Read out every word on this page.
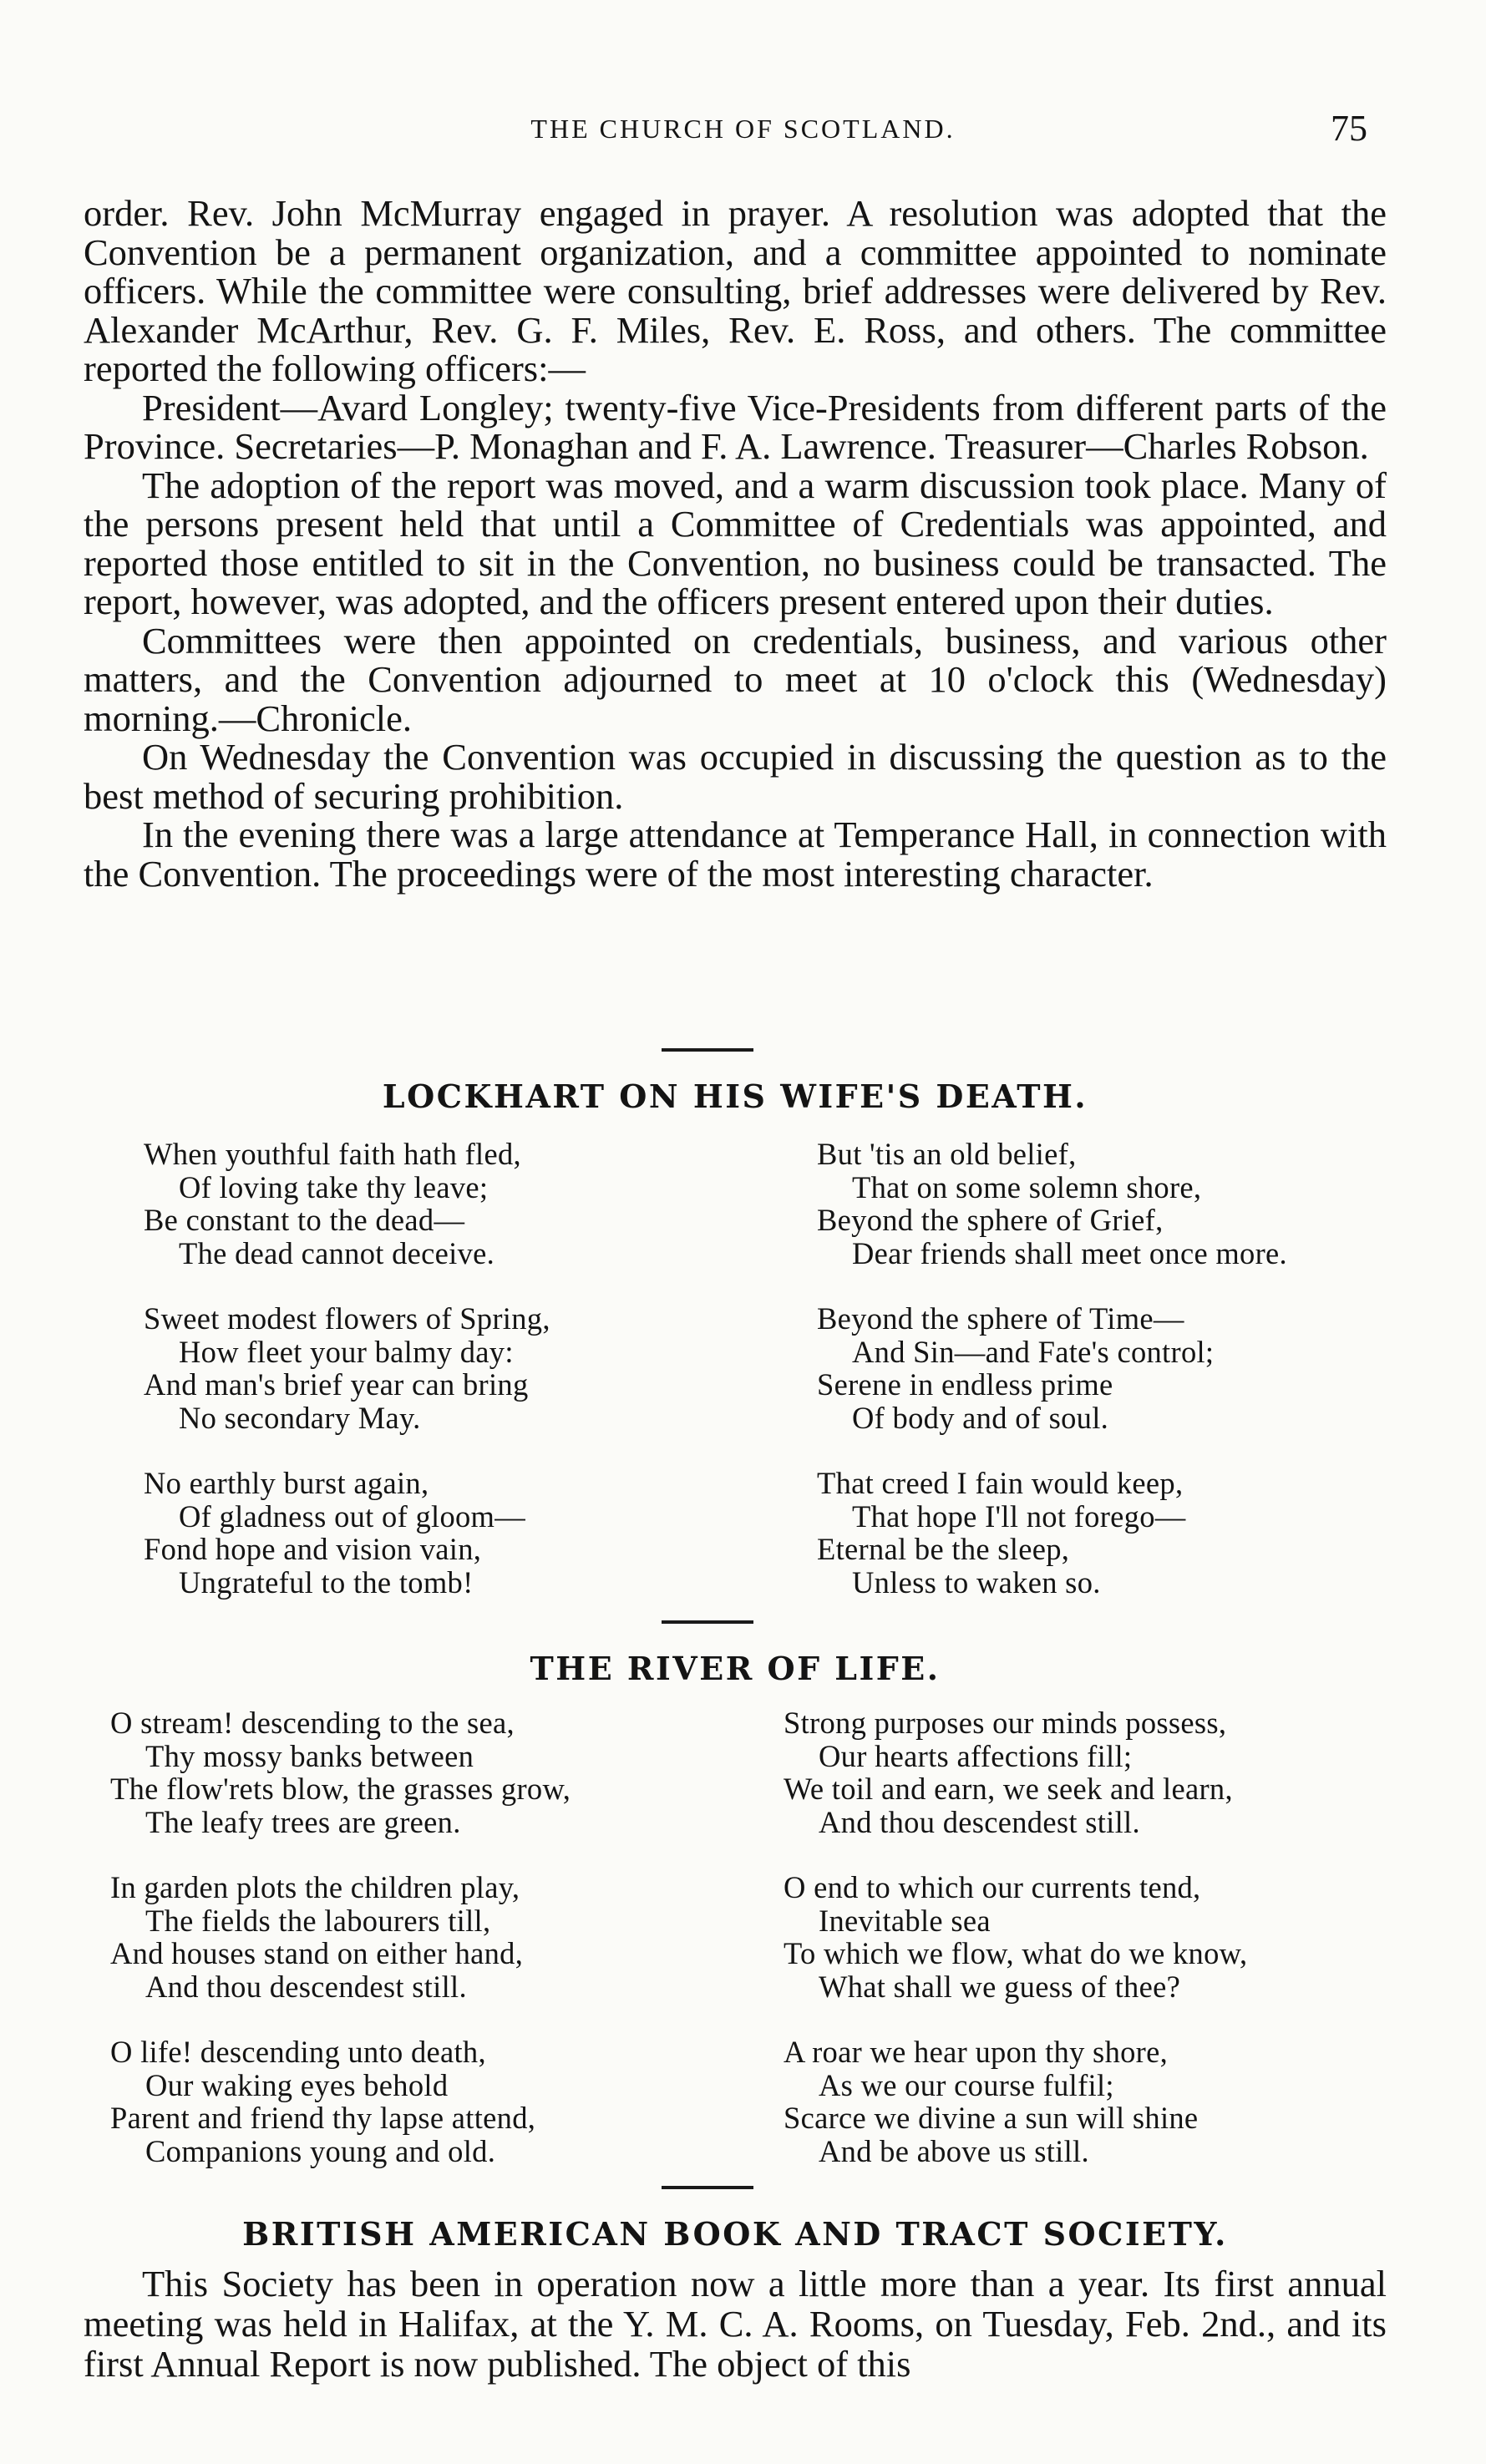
THE CHURCH OF SCOTLAND.	75

order. Rev. John McMurray engaged in prayer. A resolution was adopted that the Convention be a permanent organization, and a committee appointed to nominate officers. While the committee were consulting, brief addresses were delivered by Rev. Alexander McArthur, Rev. G. F. Miles, Rev. E. Ross, and others. The committee reported the following officers:—

President—Avard Longley; twenty-five Vice-Presidents from different parts of the Province. Secretaries—P. Monaghan and F. A. Lawrence. Treasurer—Charles Robson.

The adoption of the report was moved, and a warm discussion took place. Many of the persons present held that until a Committee of Credentials was appointed, and reported those entitled to sit in the Convention, no business could be transacted. The report, however, was adopted, and the officers present entered upon their duties.

Committees were then appointed on credentials, business, and various other matters, and the Convention adjourned to meet at 10 o'clock this (Wednesday) morning.—Chronicle.

On Wednesday the Convention was occupied in discussing the question as to the best method of securing prohibition.

In the evening there was a large attendance at Temperance Hall, in connection with the Convention. The proceedings were of the most interesting character.

LOCKHART ON HIS WIFE'S DEATH.
When youthful faith hath fled,
Of loving take thy leave;
Be constant to the dead—
The dead cannot deceive.
Sweet modest flowers of Spring,
How fleet your balmy day:
And man's brief year can bring
No secondary May.
No earthly burst again,
Of gladness out of gloom—
Fond hope and vision vain,
Ungrateful to the tomb!
But 'tis an old belief,
That on some solemn shore,
Beyond the sphere of Grief,
Dear friends shall meet once more.
Beyond the sphere of Time—
And Sin—and Fate's control;
Serene in endless prime
Of body and of soul.
That creed I fain would keep,
That hope I'll not forego—
Eternal be the sleep,
Unless to waken so.
THE RIVER OF LIFE.
O stream! descending to the sea,
Thy mossy banks between
The flow'rets blow, the grasses grow,
The leafy trees are green.
In garden plots the children play,
The fields the labourers till,
And houses stand on either hand,
And thou descendest still.
O life! descending unto death,
Our waking eyes behold
Parent and friend thy lapse attend,
Companions young and old.
Strong purposes our minds possess,
Our hearts affections fill;
We toil and earn, we seek and learn,
And thou descendest still.
O end to which our currents tend,
Inevitable sea
To which we flow, what do we know,
What shall we guess of thee?
A roar we hear upon thy shore,
As we our course fulfil;
Scarce we divine a sun will shine
And be above us still.
BRITISH AMERICAN BOOK AND TRACT SOCIETY.

This Society has been in operation now a little more than a year. Its first annual meeting was held in Halifax, at the Y. M. C. A. Rooms, on Tuesday, Feb. 2nd., and its first Annual Report is now published. The object of this
